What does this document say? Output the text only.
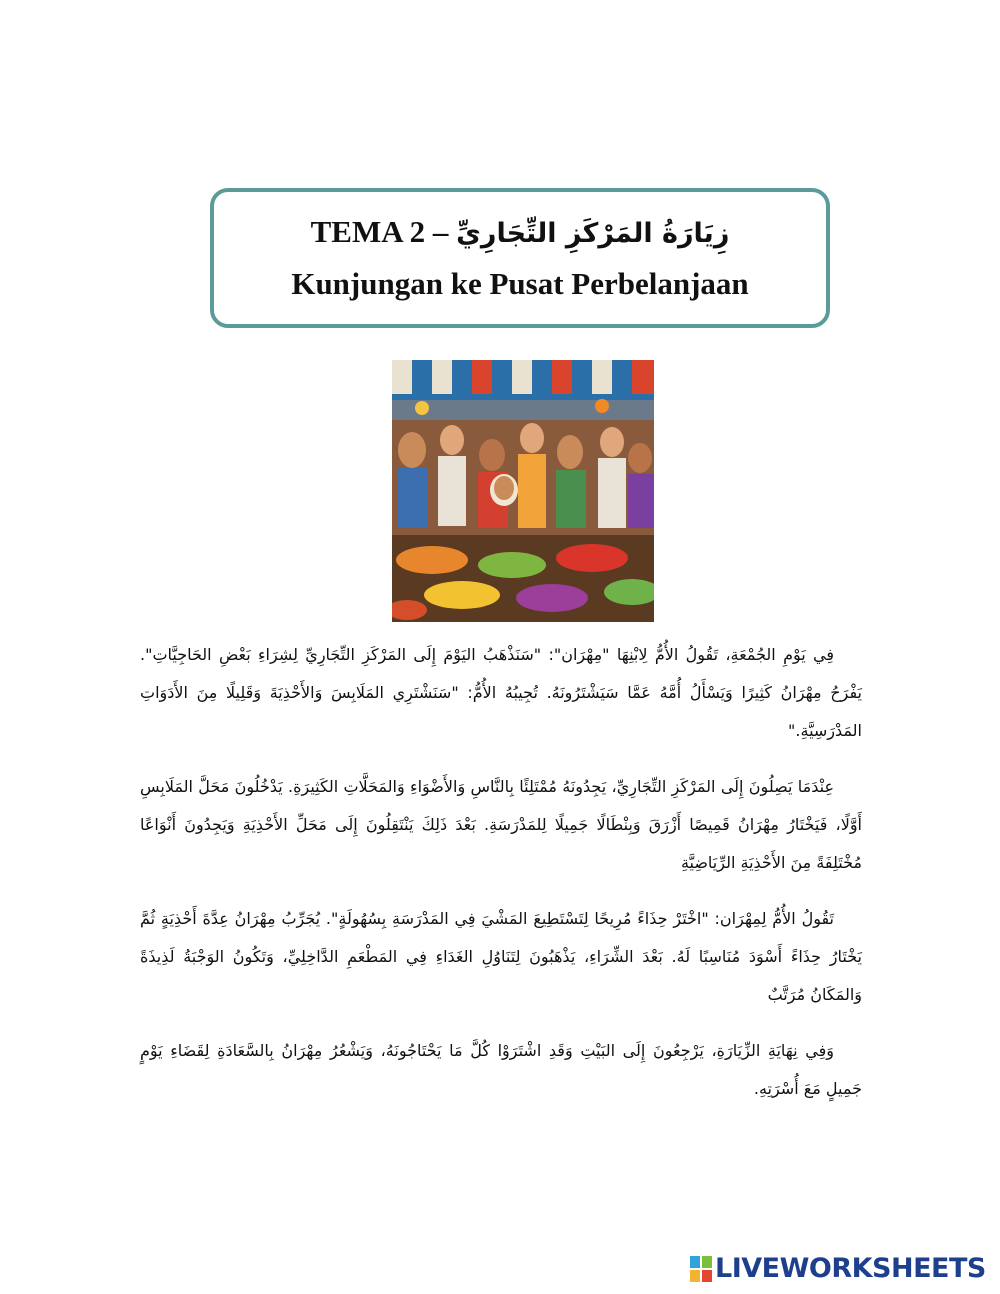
TEMA 2 – زِيَارَةُ المَرْكَزِ التِّجَارِيِّ
Kunjungan ke Pusat Perbelanjaan

فِي يَوْمِ الجُمْعَةِ، تَقُولُ الأُمُّ لِابْنِهَا "مِهْرَان": "سَنَذْهَبُ اليَوْمَ إِلَى المَرْكَزِ التِّجَارِيِّ لِشِرَاءِ بَعْضِ الحَاجِيَّاتِ". يَفْرَحُ مِهْرَانُ كَثِيرًا وَيَسْأَلُ أُمَّهُ عَمَّا سَيَشْتَرُونَهُ. تُجِيبُهُ الأُمُّ: "سَنَشْتَرِي المَلَابِسَ وَالأَحْذِيَةَ وَقَلِيلًا مِنَ الأَدَوَاتِ المَدْرَسِيَّةِ."

عِنْدَمَا يَصِلُونَ إِلَى المَرْكَزِ التِّجَارِيِّ، يَجِدُونَهُ مُمْتَلِئًا بِالنَّاسِ وَالأَضْوَاءِ وَالمَحَلَّاتِ الكَثِيرَةِ. يَدْخُلُونَ مَحَلَّ المَلَابِسِ أَوَّلًا، فَيَخْتَارُ مِهْرَانُ قَمِيصًا أَزْرَقَ وَبِنْطَالًا جَمِيلًا لِلمَدْرَسَةِ. بَعْدَ ذَلِكَ يَنْتَقِلُونَ إِلَى مَحَلِّ الأَحْذِيَةِ وَيَجِدُونَ أَنْوَاعًا مُخْتَلِفَةً مِنَ الأَحْذِيَةِ الرِّيَاضِيَّةِ

تَقُولُ الأُمُّ لِمِهْرَان: "اخْتَرْ حِذَاءً مُرِيحًا لِتَسْتَطِيعَ المَشْيَ فِي المَدْرَسَةِ بِسُهُولَةٍ". يُجَرِّبُ مِهْرَانُ عِدَّةَ أَحْذِيَةٍ ثُمَّ يَخْتَارُ حِذَاءً أَسْوَدَ مُنَاسِبًا لَهُ. بَعْدَ الشِّرَاءِ، يَذْهَبُونَ لِتَنَاوُلِ الغَدَاءِ فِي المَطْعَمِ الدَّاخِلِيِّ، وَتَكُونُ الوَجْبَةُ لَذِيذَةً وَالمَكَانُ مُرَتَّبٌ

وَفِي نِهَايَةِ الزِّيَارَةِ، يَرْجِعُونَ إِلَى البَيْتِ وَقَدِ اشْتَرَوْا كُلَّ مَا يَحْتَاجُونَهُ، وَيَشْعُرُ مِهْرَانُ بِالسَّعَادَةِ لِقَضَاءِ يَوْمٍ جَمِيلٍ مَعَ أُسْرَتِهِ.

LIVEWORKSHEETS
